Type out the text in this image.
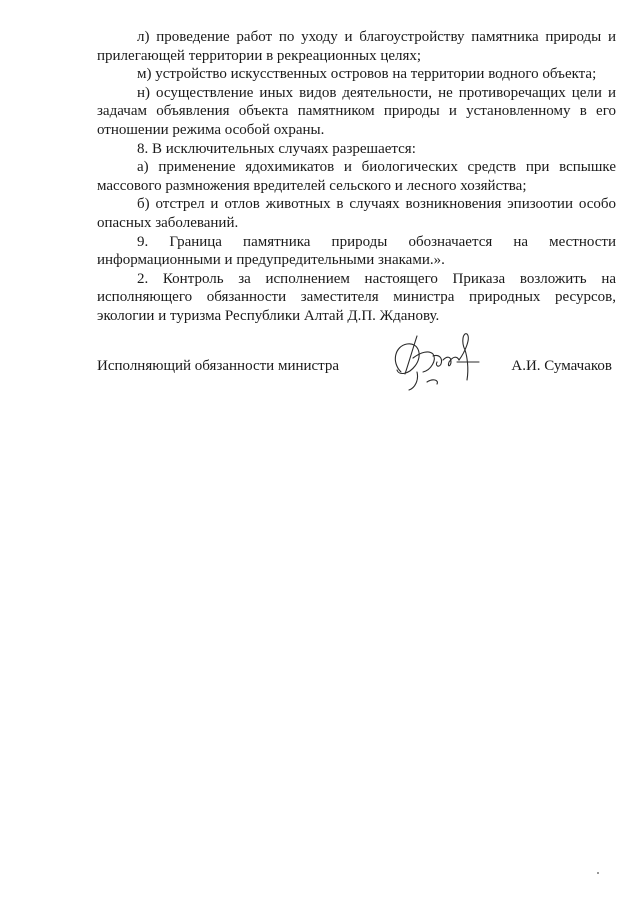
л) проведение работ по уходу и благоустройству памятника природы и прилегающей территории в рекреационных целях;

м) устройство искусственных островов на территории водного объекта;

н) осуществление иных видов деятельности, не противоречащих цели и задачам объявления объекта памятником природы и установленному в его отношении режима особой охраны.

8. В исключительных случаях разрешается:

а) применение ядохимикатов и биологических средств при вспышке массового размножения вредителей сельского и лесного хозяйства;

б) отстрел и отлов животных в случаях возникновения эпизоотии особо опасных заболеваний.

9. Граница памятника природы обозначается на местности информационными и предупредительными знаками.».

2. Контроль за исполнением настоящего Приказа возложить на исполняющего обязанности заместителя министра природных ресурсов, экологии и туризма Республики Алтай Д.П. Жданову.

Исполняющий обязанности министра	А.И. Сумачаков
